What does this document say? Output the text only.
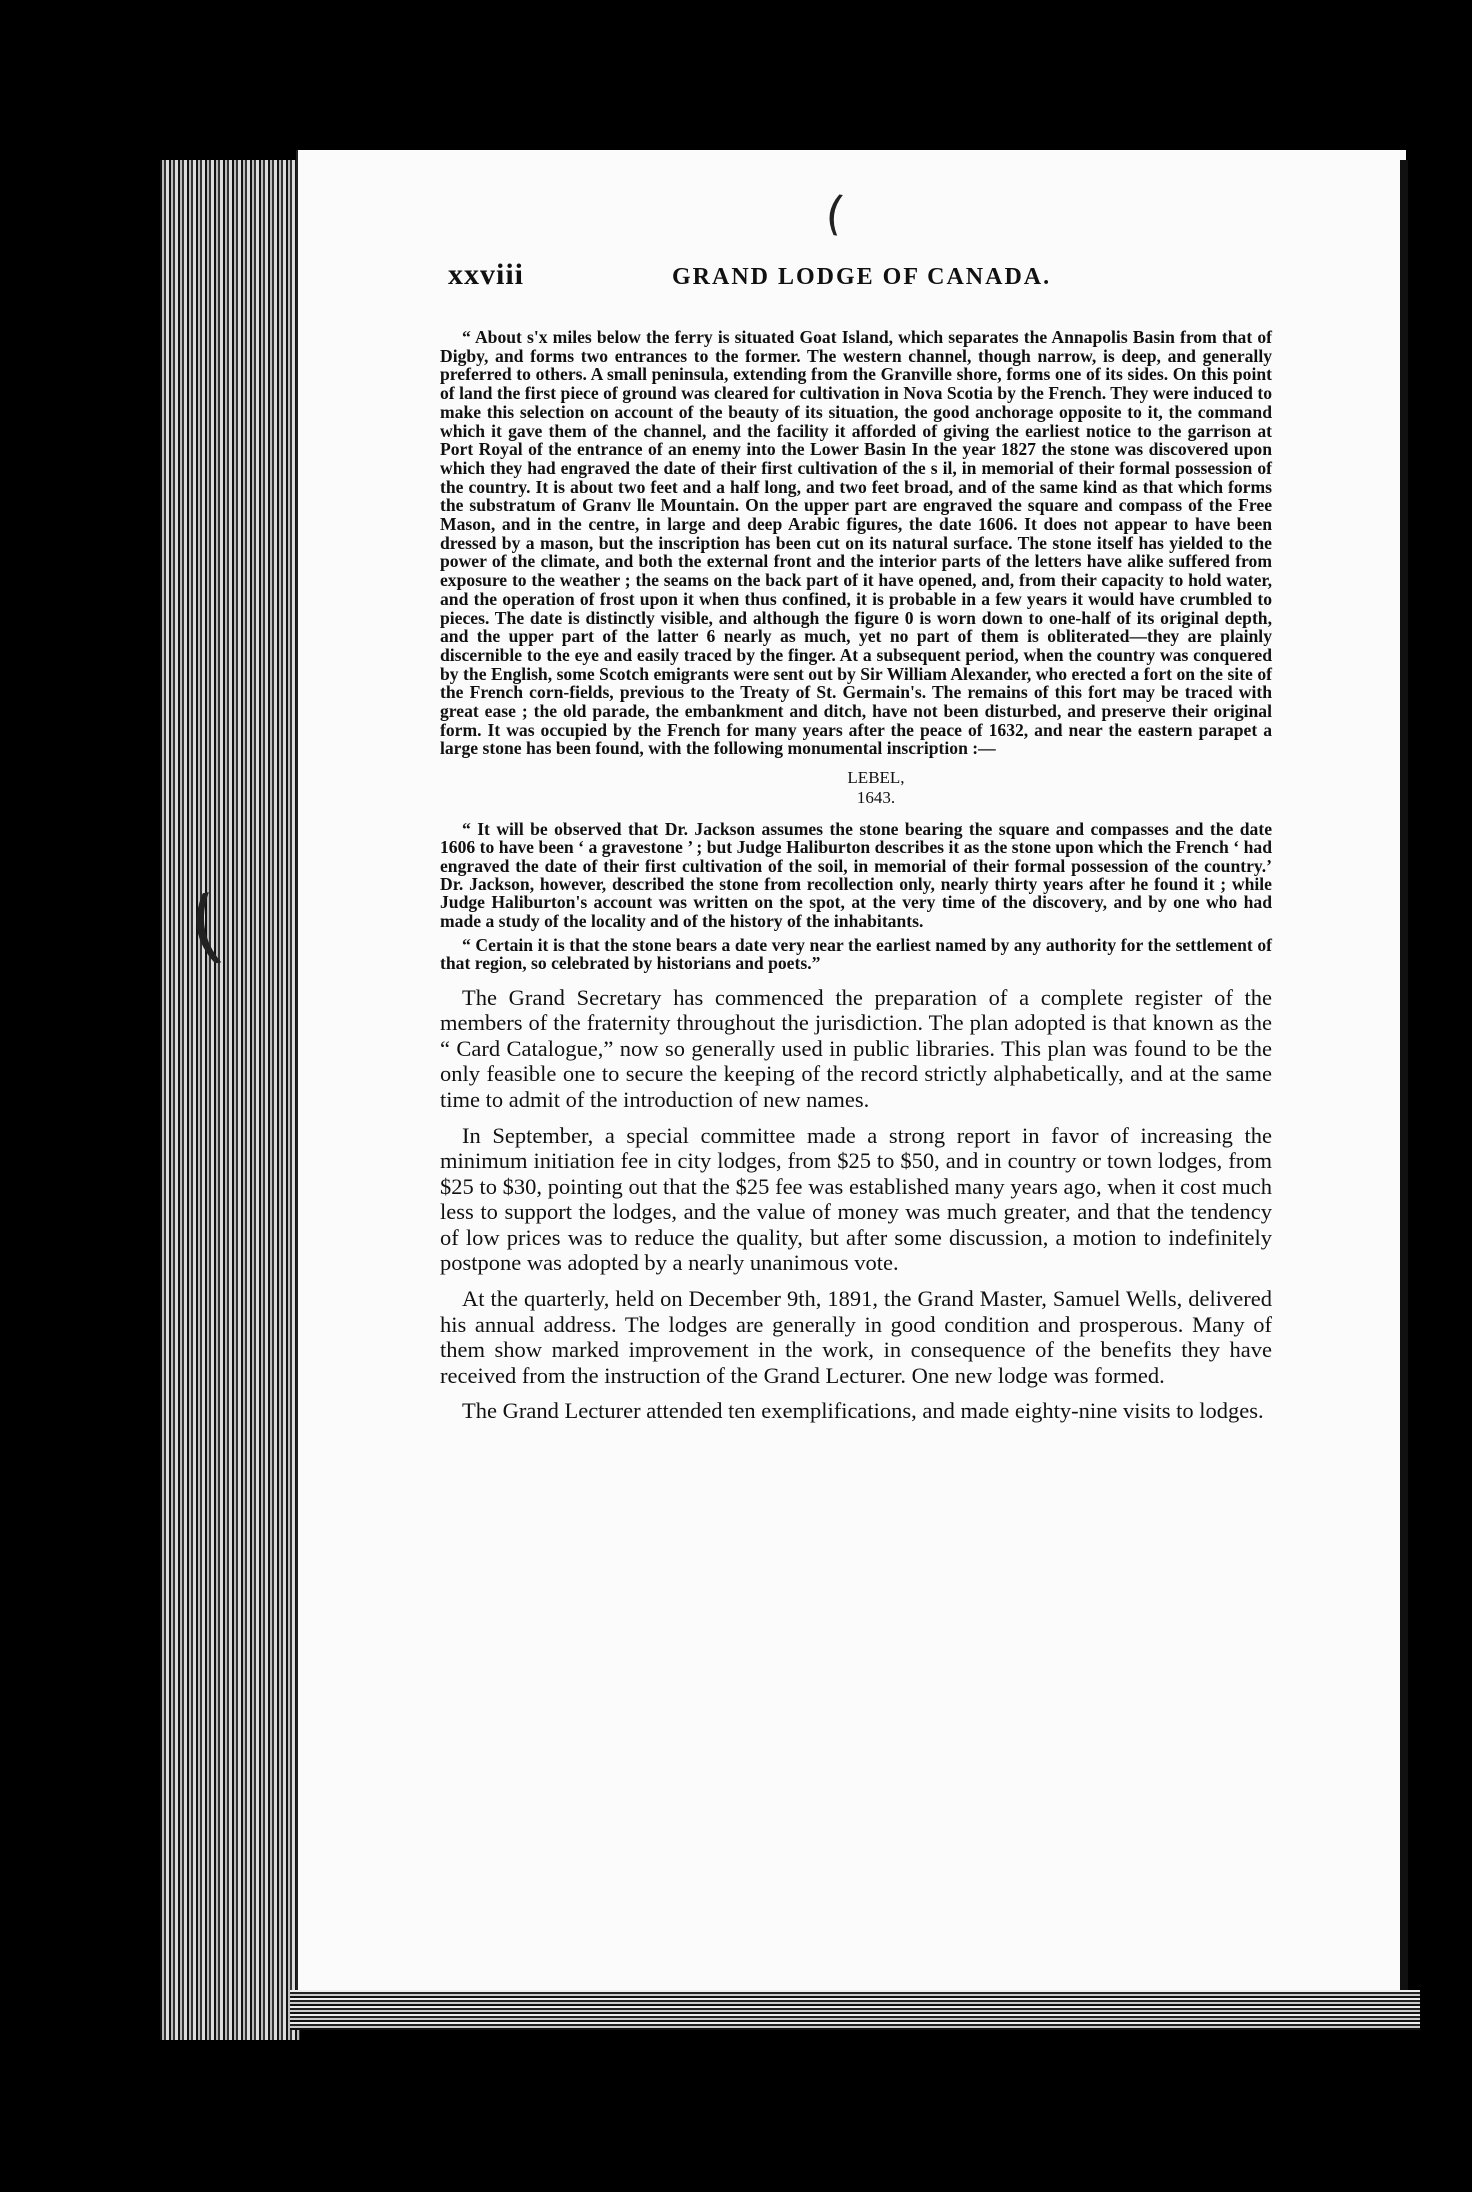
(
(
xxviii	GRAND LODGE OF CANADA.

“ About s'x miles below the ferry is situated Goat Island, which separates the Annapolis Basin from that of Digby, and forms two entrances to the former. The western channel, though narrow, is deep, and generally preferred to others. A small peninsula, extending from the Granville shore, forms one of its sides. On this point of land the first piece of ground was cleared for cultivation in Nova Scotia by the French. They were induced to make this selection on account of the beauty of its situation, the good anchorage opposite to it, the command which it gave them of the channel, and the facility it afforded of giving the earliest notice to the garrison at Port Royal of the entrance of an enemy into the Lower Basin In the year 1827 the stone was discovered upon which they had engraved the date of their first cultivation of the s il, in memorial of their formal possession of the country. It is about two feet and a half long, and two feet broad, and of the same kind as that which forms the substratum of Granv lle Mountain. On the upper part are engraved the square and compass of the Free Mason, and in the centre, in large and deep Arabic figures, the date 1606. It does not appear to have been dressed by a mason, but the inscription has been cut on its natural surface. The stone itself has yielded to the power of the climate, and both the external front and the interior parts of the letters have alike suffered from exposure to the weather ; the seams on the back part of it have opened, and, from their capacity to hold water, and the operation of frost upon it when thus confined, it is probable in a few years it would have crumbled to pieces. The date is distinctly visible, and although the figure 0 is worn down to one-half of its original depth, and the upper part of the latter 6 nearly as much, yet no part of them is obliterated—they are plainly discernible to the eye and easily traced by the finger. At a subsequent period, when the country was conquered by the English, some Scotch emigrants were sent out by Sir William Alexander, who erected a fort on the site of the French corn-fields, previous to the Treaty of St. Germain's. The remains of this fort may be traced with great ease ; the old parade, the embankment and ditch, have not been disturbed, and preserve their original form. It was occupied by the French for many years after the peace of 1632, and near the eastern parapet a large stone has been found, with the following monumental inscription :—

LEBEL,
1643.

“ It will be observed that Dr. Jackson assumes the stone bearing the square and compasses and the date 1606 to have been ‘ a gravestone ’ ; but Judge Haliburton describes it as the stone upon which the French ‘ had engraved the date of their first cultivation of the soil, in memorial of their formal possession of the country.’ Dr. Jackson, however, described the stone from recollection only, nearly thirty years after he found it ; while Judge Haliburton's account was written on the spot, at the very time of the discovery, and by one who had made a study of the locality and of the history of the inhabitants.

“ Certain it is that the stone bears a date very near the earliest named by any authority for the settlement of that region, so celebrated by historians and poets.”

The Grand Secretary has commenced the preparation of a complete register of the members of the fraternity throughout the jurisdiction. The plan adopted is that known as the “ Card Catalogue,” now so generally used in public libraries. This plan was found to be the only feasible one to secure the keeping of the record strictly alphabetically, and at the same time to admit of the introduction of new names.

In September, a special committee made a strong report in favor of increasing the minimum initiation fee in city lodges, from $25 to $50, and in country or town lodges, from $25 to $30, pointing out that the $25 fee was established many years ago, when it cost much less to support the lodges, and the value of money was much greater, and that the tendency of low prices was to reduce the quality, but after some discussion, a motion to indefinitely postpone was adopted by a nearly unanimous vote.

At the quarterly, held on December 9th, 1891, the Grand Master, Samuel Wells, delivered his annual address. The lodges are generally in good condition and prosperous. Many of them show marked improvement in the work, in consequence of the benefits they have received from the instruction of the Grand Lecturer. One new lodge was formed.

The Grand Lecturer attended ten exemplifications, and made eighty-nine visits to lodges.
